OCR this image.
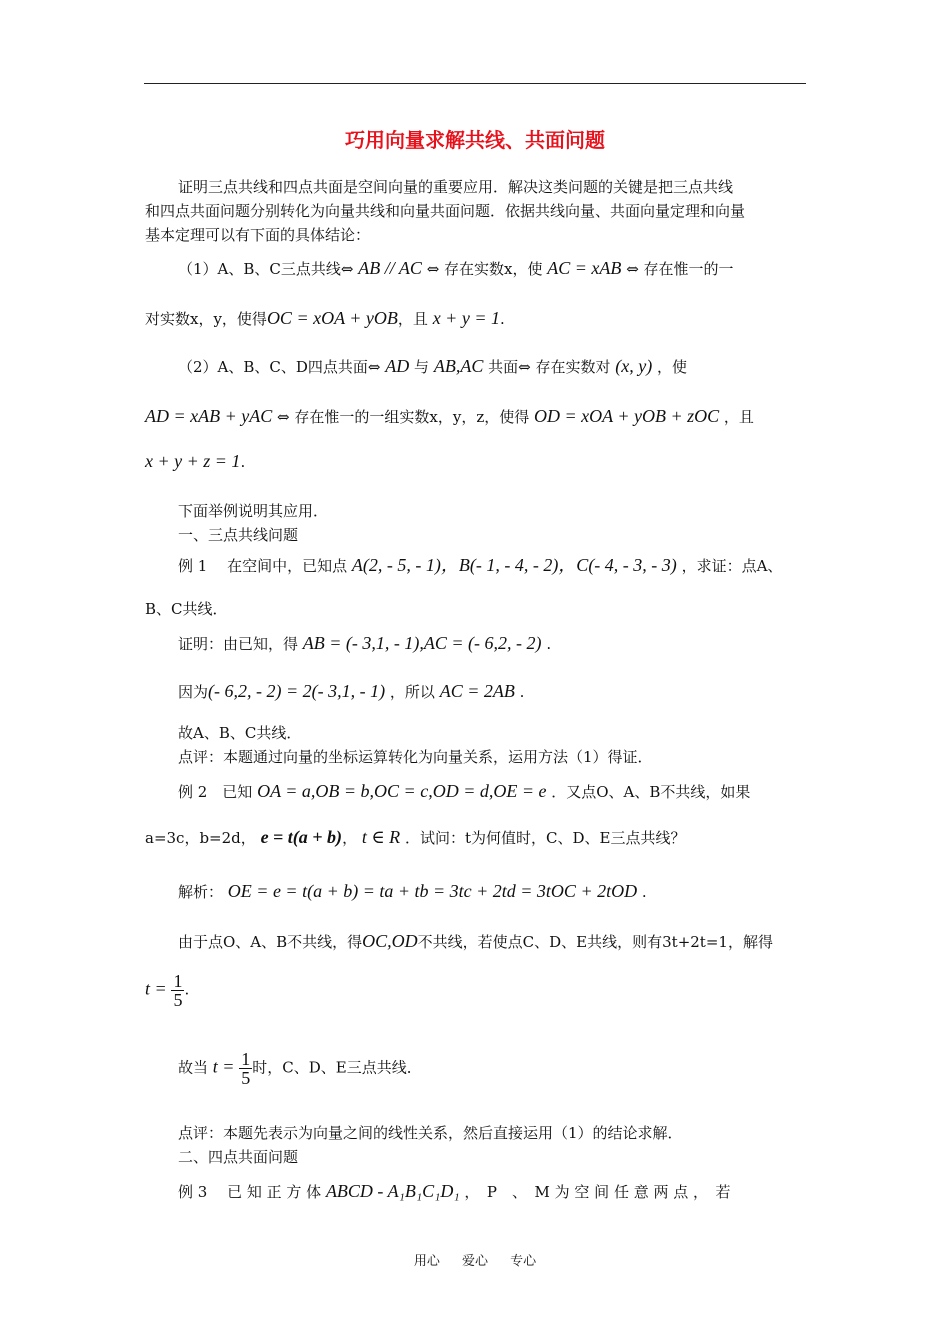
巧用向量求解共线、共面问题
证明三点共线和四点共面是空间向量的重要应用．解决这类问题的关键是把三点共线
和四点共面问题分别转化为向量共线和向量共面问题．依据共线向量、共面向量定理和向量
基本定理可以有下面的具体结论：
（1）A、B、C三点共线⇔ AB // AC ⇔ 存在实数x，使 AC = xAB ⇔ 存在惟一的一
对实数x，y，使得OC = xOA + yOB，且 x + y = 1.
（2）A、B、C、D四点共面⇔ AD 与 AB,AC 共面⇔ 存在实数对 (x, y) ，使
AD = xAB + yAC ⇔ 存在惟一的一组实数x，y，z，使得 OD = xOA + yOB + zOC ，且
x + y + z = 1.
下面举例说明其应用．
一、三点共线问题
例 1　 在空间中，已知点 A(2, - 5, - 1)，B(- 1, - 4, - 2)，C(- 4, - 3, - 3) ，求证：点A、
B、C共线．
证明：由已知，得 AB = (- 3,1, - 1),AC = (- 6,2, - 2) .
因为(- 6,2, - 2) = 2(- 3,1, - 1) ，所以 AC = 2AB .
故A、B、C共线．
点评：本题通过向量的坐标运算转化为向量关系，运用方法（1）得证．
例 2　已知 OA = a,OB = b,OC = c,OD = d,OE = e ．又点O、A、B不共线，如果
a=3c，b=2d， e = t(a + b)， t ∈ R ．试问：t为何值时，C、D、E三点共线？
解析： OE = e = t(a + b) = ta + tb = 3tc + 2td = 3tOC + 2tOD .
由于点O、A、B不共线，得OC,OD不共线，若使点C、D、E共线，则有3t+2t=1，解得
$t = \frac{1}{5}$ .
故当 $t = \frac{1}{5}$ 时，C、D、E三点共线．
点评：本题先表示为向量之间的线性关系，然后直接运用（1）的结论求解．
二、四点共面问题
例 3　 已 知 正 方 体 ABCD - A₁B₁C₁D₁ ，　P　、　M 为 空 间 任 意 两 点 ，　若
用心 爱心 专心
